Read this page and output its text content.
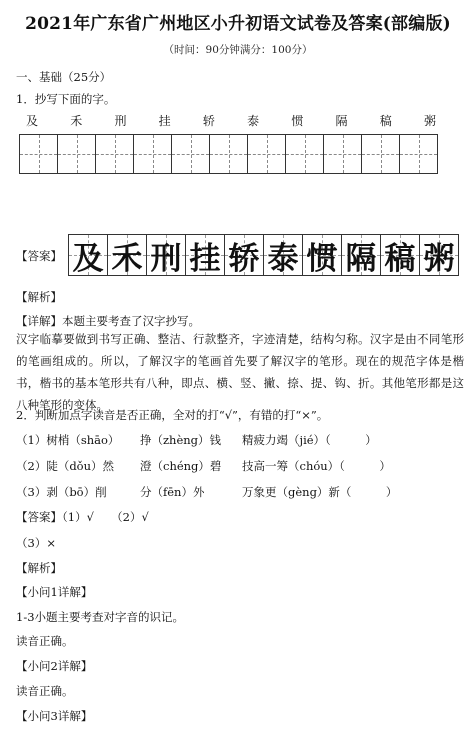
2021年广东省广州地区小升初语文试卷及答案(部编版)
（时间：90分钟满分：100分）
一、基础（25分）
1．抄写下面的字。
及	禾	刑	挂	轿	泰	惯	隔	稿	粥
【答案】 及 禾 刑 挂 轿 泰 惯 隔 稿 粥
【解析】
【详解】本题主要考查了汉字抄写。
汉字临摹要做到书写正确、整洁、行款整齐，字迹清楚，结构匀称。汉字是由不同笔形的笔画组成的。所以，了解汉字的笔画首先要了解汉字的笔形。现在的规范字体是楷书，楷书的基本笔形共有八种，即点、横、竖、撇、捺、提、钩、折。其他笔形都是这八种笔形的变体。
2．判断加点字读音是否正确，全对的打“√”，有错的打“×”。
（1）树梢（shāo）	挣（zhèng）钱	精疲力竭（jié）（　　　）
（2）陡（dǒu）然	澄（chéng）碧	技高一筹（chóu）（　　　）
（3）剥（bō）削	分（fēn）外	万象更（gèng）新（　　　）
【答案】（1）√　　（2）√
（3）×
【解析】
【小问1详解】
1-3小题主要考查对字音的识记。
读音正确。
【小问2详解】
读音正确。
【小问3详解】
